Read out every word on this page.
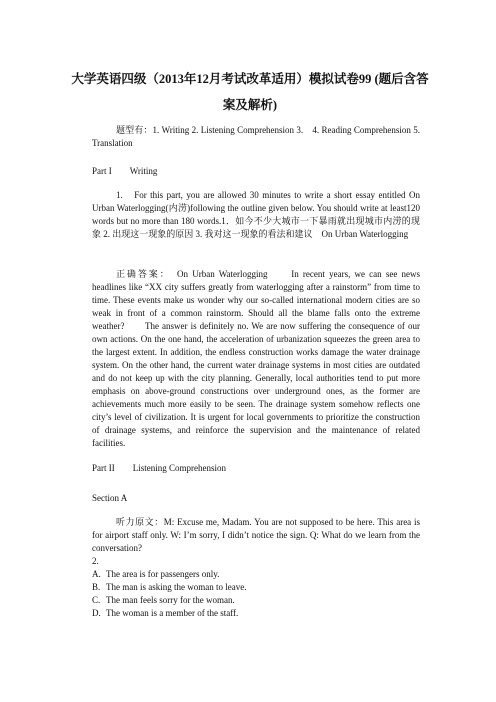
大学英语四级（2013年12月考试改革适用）模拟试卷99 (题后含答
案及解析)
题型有：1. Writing 2. Listening Comprehension 3.　4. Reading Comprehension 5. Translation
Part I　　Writing
1.　For this part, you are allowed 30 minutes to write a short essay entitled On Urban Waterlogging(内涝)following the outline given below. You should write at least120 words but no more than 180 words.1．如今不少大城市一下暴雨就出现城市内涝的现象 2. 出现这一现象的原因 3. 我对这一现象的看法和建议　On Urban Waterlogging
正确答案：　On Urban Waterlogging　　In recent years, we can see news headlines like “XX city suffers greatly from waterlogging after a rainstorm” from time to time. These events make us wonder why our so-called international modern cities are so weak in front of a common rainstorm. Should all the blame falls onto the extreme weather?　　The answer is definitely no. We are now suffering the consequence of our own actions. On the one hand, the acceleration of urbanization squeezes the green area to the largest extent. In addition, the endless construction works damage the water drainage system. On the other hand, the current water drainage systems in most cities are outdated and do not keep up with the city planning. Generally, local authorities tend to put more emphasis on above-ground constructions over underground ones, as the former are achievements much more easily to be seen. The drainage system somehow reflects one city’s level of civilization. It is urgent for local governments to prioritize the construction of drainage systems, and reinforce the supervision and the maintenance of related facilities.
Part II　　Listening Comprehension
Section A
听力原文：M: Excuse me, Madam. You are not supposed to be here. This area is for airport staff only. W: I’m sorry, I didn’t notice the sign. Q: What do we learn from the conversation?
2.
A. The area is for passengers only.
B. The man is asking the woman to leave.
C. The man feels sorry for the woman.
D. The woman is a member of the staff.
